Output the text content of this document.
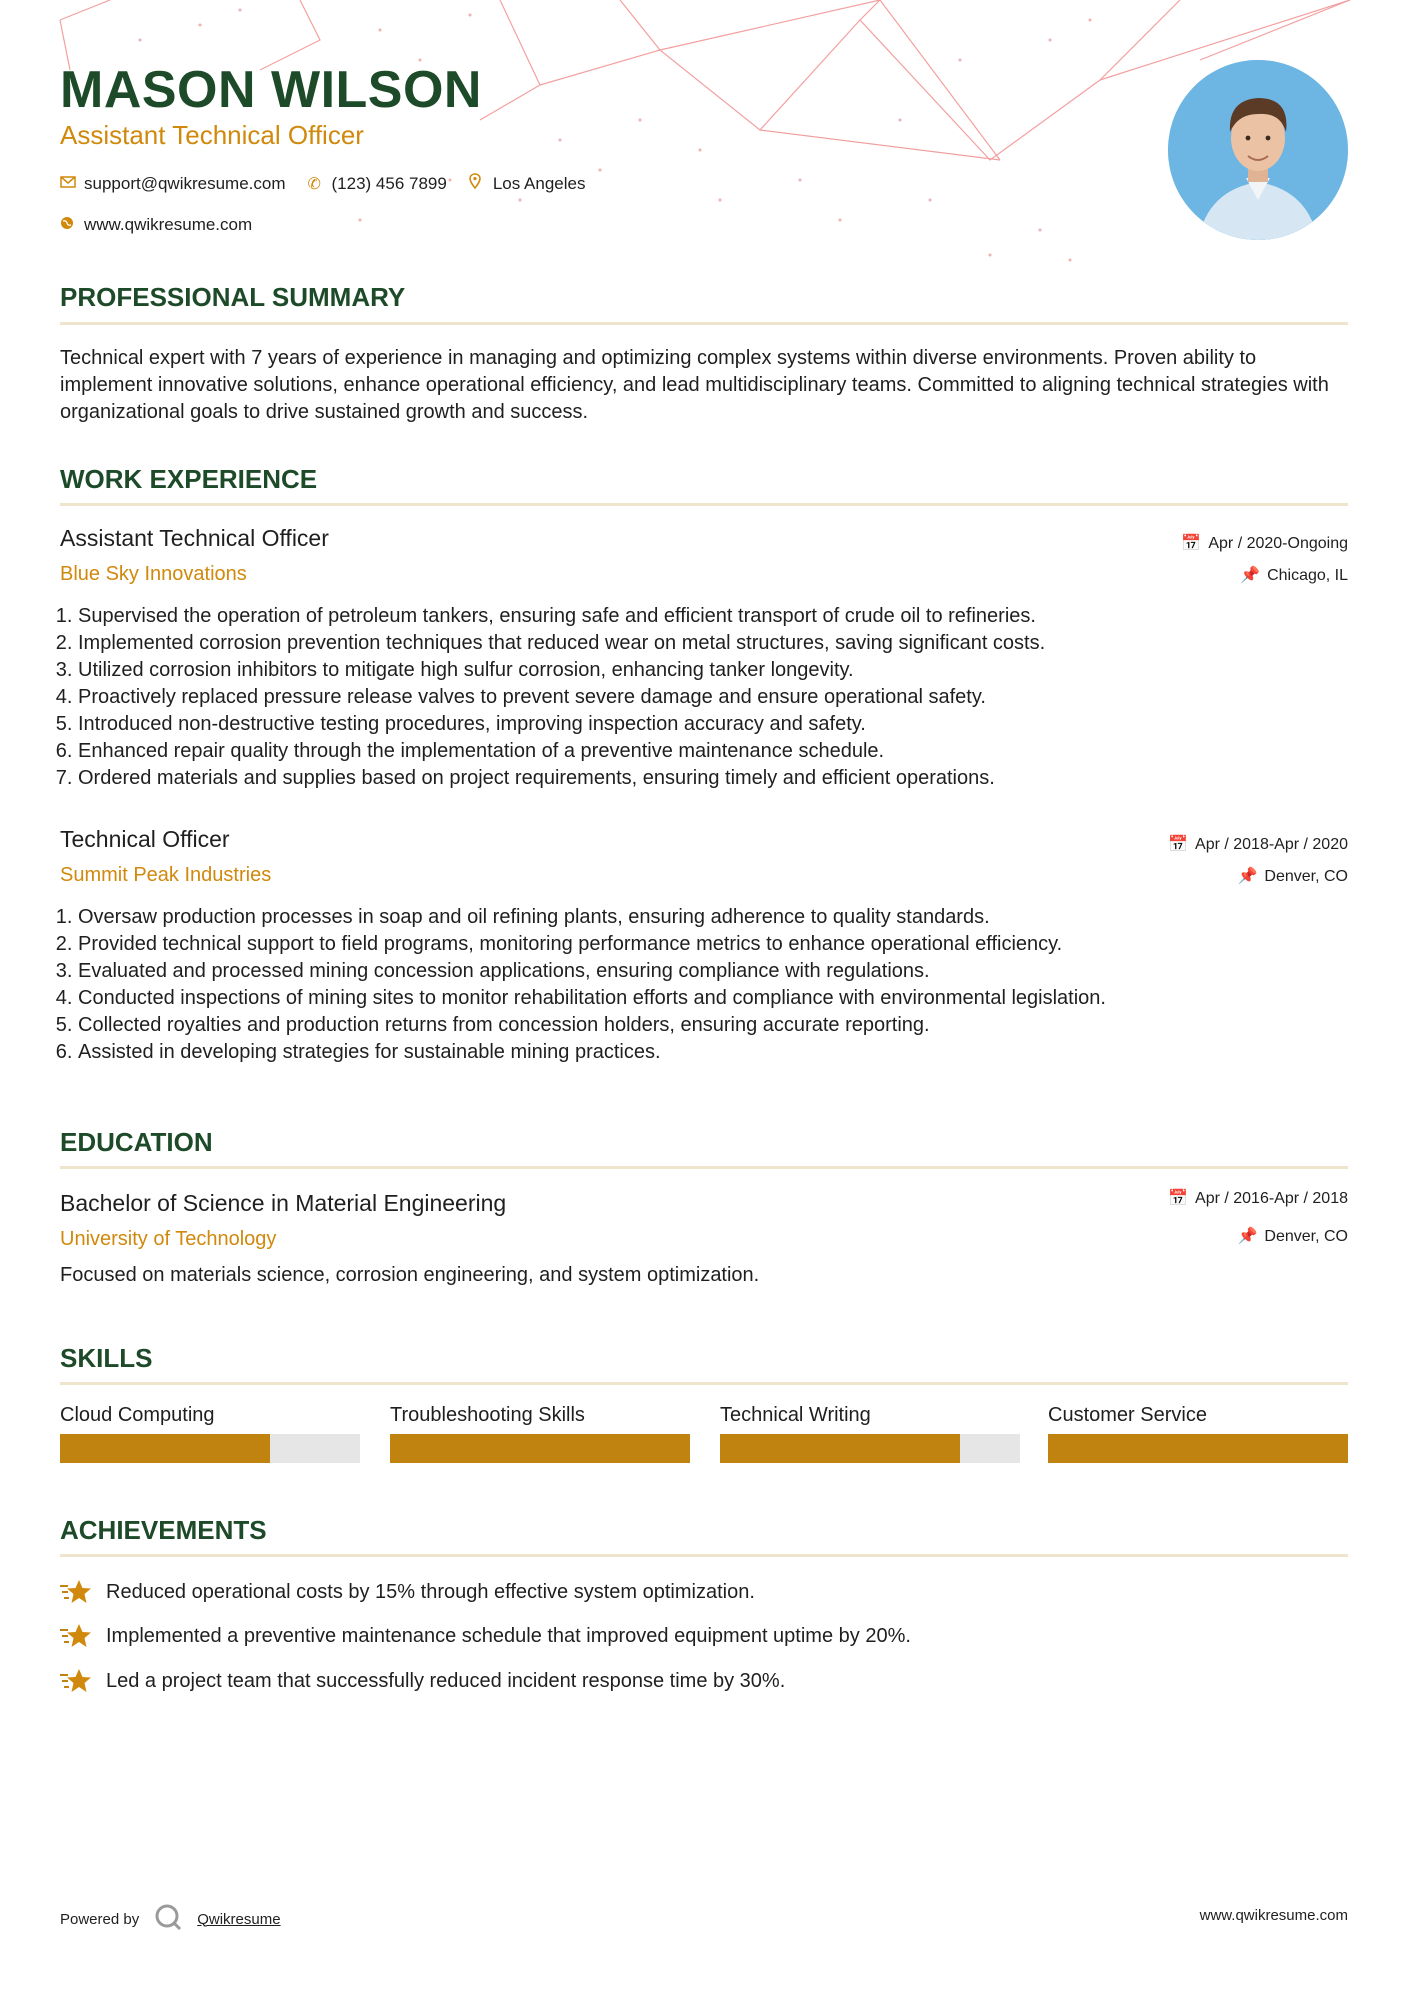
MASON WILSON
Assistant Technical Officer
support@qwikresume.com ✆ (123) 456 7899	Los Angeles
www.qwikresume.com
PROFESSIONAL SUMMARY
Technical expert with 7 years of experience in managing and optimizing complex systems within diverse environments. Proven ability to implement innovative solutions, enhance operational efficiency, and lead multidisciplinary teams. Committed to aligning technical strategies with organizational goals to drive sustained growth and success.
WORK EXPERIENCE
Assistant Technical Officer
Blue Sky Innovations
📅 Apr / 2020-Ongoing
📌 Chicago, IL
1. Supervised the operation of petroleum tankers, ensuring safe and efficient transport of crude oil to refineries.
2. Implemented corrosion prevention techniques that reduced wear on metal structures, saving significant costs.
3. Utilized corrosion inhibitors to mitigate high sulfur corrosion, enhancing tanker longevity.
4. Proactively replaced pressure release valves to prevent severe damage and ensure operational safety.
5. Introduced non-destructive testing procedures, improving inspection accuracy and safety.
6. Enhanced repair quality through the implementation of a preventive maintenance schedule.
7. Ordered materials and supplies based on project requirements, ensuring timely and efficient operations.
Technical Officer
Summit Peak Industries
📅 Apr / 2018-Apr / 2020
📌 Denver, CO
1. Oversaw production processes in soap and oil refining plants, ensuring adherence to quality standards.
2. Provided technical support to field programs, monitoring performance metrics to enhance operational efficiency.
3. Evaluated and processed mining concession applications, ensuring compliance with regulations.
4. Conducted inspections of mining sites to monitor rehabilitation efforts and compliance with environmental legislation.
5. Collected royalties and production returns from concession holders, ensuring accurate reporting.
6. Assisted in developing strategies for sustainable mining practices.
EDUCATION
Bachelor of Science in Material Engineering
University of Technology
📅 Apr / 2016-Apr / 2018
📌 Denver, CO
Focused on materials science, corrosion engineering, and system optimization.
SKILLS
Cloud Computing	Troubleshooting Skills	Technical Writing	Customer Service
ACHIEVEMENTS
Reduced operational costs by 15% through effective system optimization.
Implemented a preventive maintenance schedule that improved equipment uptime by 20%.
Led a project team that successfully reduced incident response time by 30%.
Powered by	Qwikresume	www.qwikresume.com
